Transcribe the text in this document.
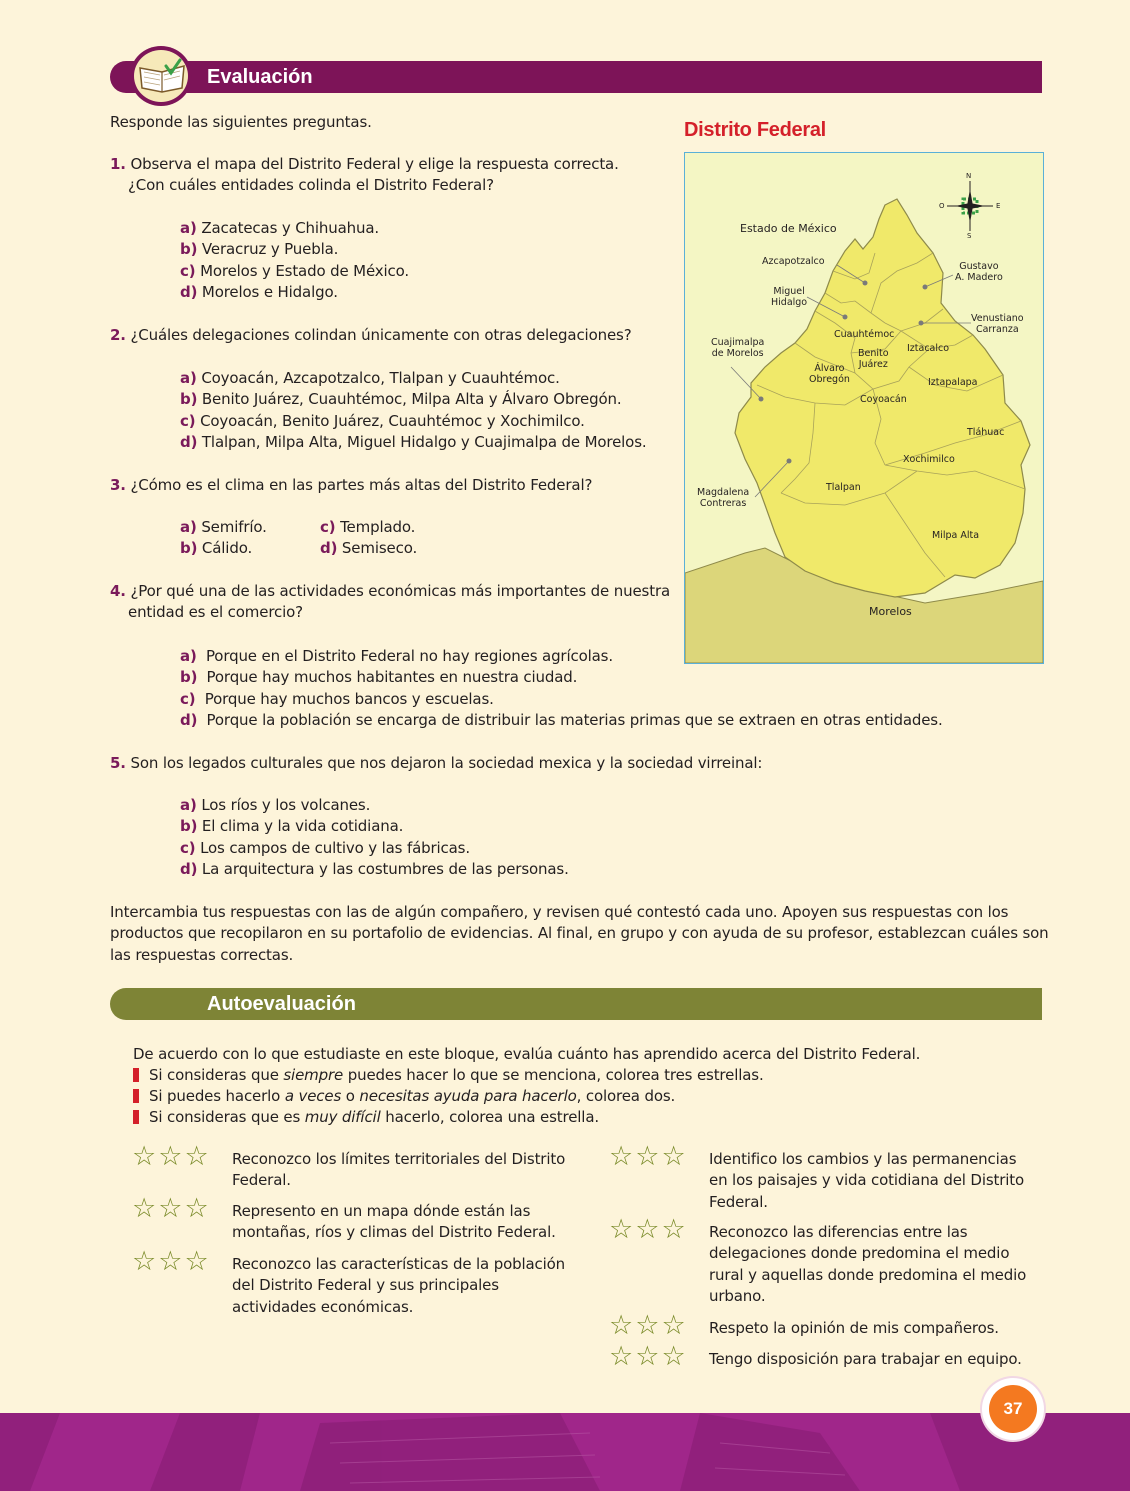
Evaluación
Responde las siguientes preguntas.
1. Observa el mapa del Distrito Federal y elige la respuesta correcta.
¿Con cuáles entidades colinda el Distrito Federal?
a) Zacatecas y Chihuahua.
b) Veracruz y Puebla.
c) Morelos y Estado de México.
d) Morelos e Hidalgo.
2. ¿Cuáles delegaciones colindan únicamente con otras delegaciones?
a) Coyoacán, Azcapotzalco, Tlalpan y Cuauhtémoc.
b) Benito Juárez, Cuauhtémoc, Milpa Alta y Álvaro Obregón.
c) Coyoacán, Benito Juárez, Cuauhtémoc y Xochimilco.
d) Tlalpan, Milpa Alta, Miguel Hidalgo y Cuajimalpa de Morelos.
3. ¿Cómo es el clima en las partes más altas del Distrito Federal?
a) Semifrío.
b) Cálido.
c) Templado.
d) Semiseco.
4. ¿Por qué una de las actividades económicas más importantes de nuestra
entidad es el comercio?
a) Porque en el Distrito Federal no hay regiones agrícolas.
b) Porque hay muchos habitantes en nuestra ciudad.
c) Porque hay muchos bancos y escuelas.
d) Porque la población se encarga de distribuir las materias primas que se extraen en otras entidades.
5. Son los legados culturales que nos dejaron la sociedad mexica y la sociedad virreinal:
a) Los ríos y los volcanes.
b) El clima y la vida cotidiana.
c) Los campos de cultivo y las fábricas.
d) La arquitectura y las costumbres de las personas.
Intercambia tus respuestas con las de algún compañero, y revisen qué contestó cada uno. Apoyen sus respuestas con los
productos que recopilaron en su portafolio de evidencias. Al final, en grupo y con ayuda de su profesor, establezcan cuáles son
las respuestas correctas.
Distrito Federal
N
S
O	E
Estado de México
Azcapotzalco	Gustavo
A. Madero
Miguel
Hidalgo
Venustiano
Carranza
Cuauhtémoc
Cuajimalpa
de Morelos	Benito
Juárez
Iztacalco
Álvaro
Obregón	Iztapalapa
Coyoacán
Tláhuac
Xochimilco
Magdalena
Contreras
Tlalpan
Milpa Alta
Morelos
Autoevaluación
De acuerdo con lo que estudiaste en este bloque, evalúa cuánto has aprendido acerca del Distrito Federal.
Si consideras que siempre puedes hacer lo que se menciona, colorea tres estrellas.
Si puedes hacerlo a veces o necesitas ayuda para hacerlo, colorea dos.
Si consideras que es muy difícil hacerlo, colorea una estrella.
☆ ☆ ☆ Reconozco los límites territoriales del Distrito
Federal.
☆ ☆ ☆ Represento en un mapa dónde están las
montañas, ríos y climas del Distrito Federal.
☆ ☆ ☆ Reconozco las características de la población
del Distrito Federal y sus principales
actividades económicas.
☆ ☆ ☆ Identifico los cambios y las permanencias
en los paisajes y vida cotidiana del Distrito
Federal.
☆ ☆ ☆ Reconozco las diferencias entre las
delegaciones donde predomina el medio
rural y aquellas donde predomina el medio
urbano.
☆ ☆ ☆ Respeto la opinión de mis compañeros.
☆ ☆ ☆ Tengo disposición para trabajar en equipo.
37
